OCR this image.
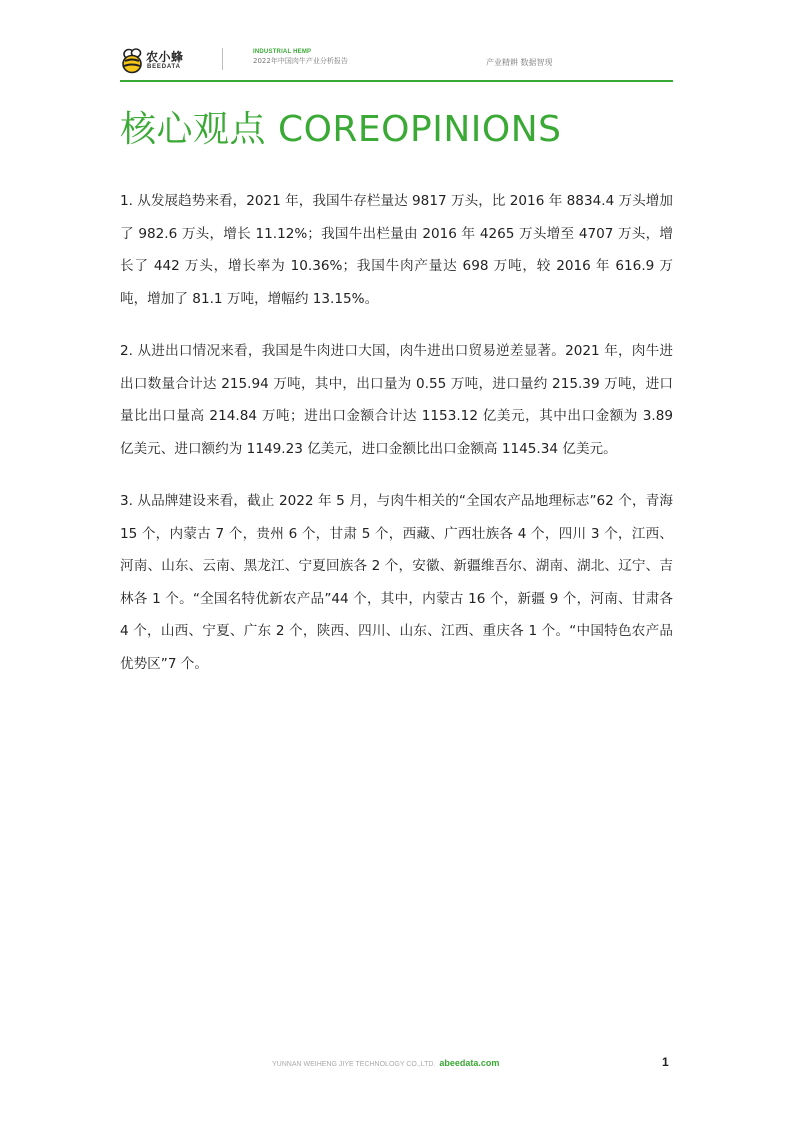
农小蜂
BEEDATA
INDUSTRIAL HEMP
2022年中国肉牛产业分析报告	产业精耕 数据智现
核心观点 COREOPINIONS

1. 从发展趋势来看，2021 年，我国牛存栏量达 9817 万头，比 2016 年 8834.4 万头增加了 982.6 万头，增长 11.12%；我国牛出栏量由 2016 年 4265 万头增至 4707 万头，增长了 442 万头，增长率为 10.36%；我国牛肉产量达 698 万吨，较 2016 年 616.9 万吨，增加了 81.1 万吨，增幅约 13.15%。

2. 从进出口情况来看，我国是牛肉进口大国，肉牛进出口贸易逆差显著。2021 年，肉牛进出口数量合计达 215.94 万吨，其中，出口量为 0.55 万吨，进口量约 215.39 万吨，进口量比出口量高 214.84 万吨；进出口金额合计达 1153.12 亿美元，其中出口金额为 3.89 亿美元、进口额约为 1149.23 亿美元，进口金额比出口金额高 1145.34 亿美元。

3. 从品牌建设来看，截止 2022 年 5 月，与肉牛相关的“全国农产品地理标志”62 个，青海 15 个，内蒙古 7 个，贵州 6 个，甘肃 5 个，西藏、广西壮族各 4 个，四川 3 个，江西、河南、山东、云南、黑龙江、宁夏回族各 2 个，安徽、新疆维吾尔、湖南、湖北、辽宁、吉林各 1 个。“全国名特优新农产品”44 个，其中，内蒙古 16 个，新疆 9 个，河南、甘肃各 4 个，山西、宁夏、广东 2 个，陕西、四川、山东、江西、重庆各 1 个。“中国特色农产品优势区”7 个。

YUNNAN WEIHENG JIYE TECHNOLOGY CO.,LTD. abeedata.com	1
